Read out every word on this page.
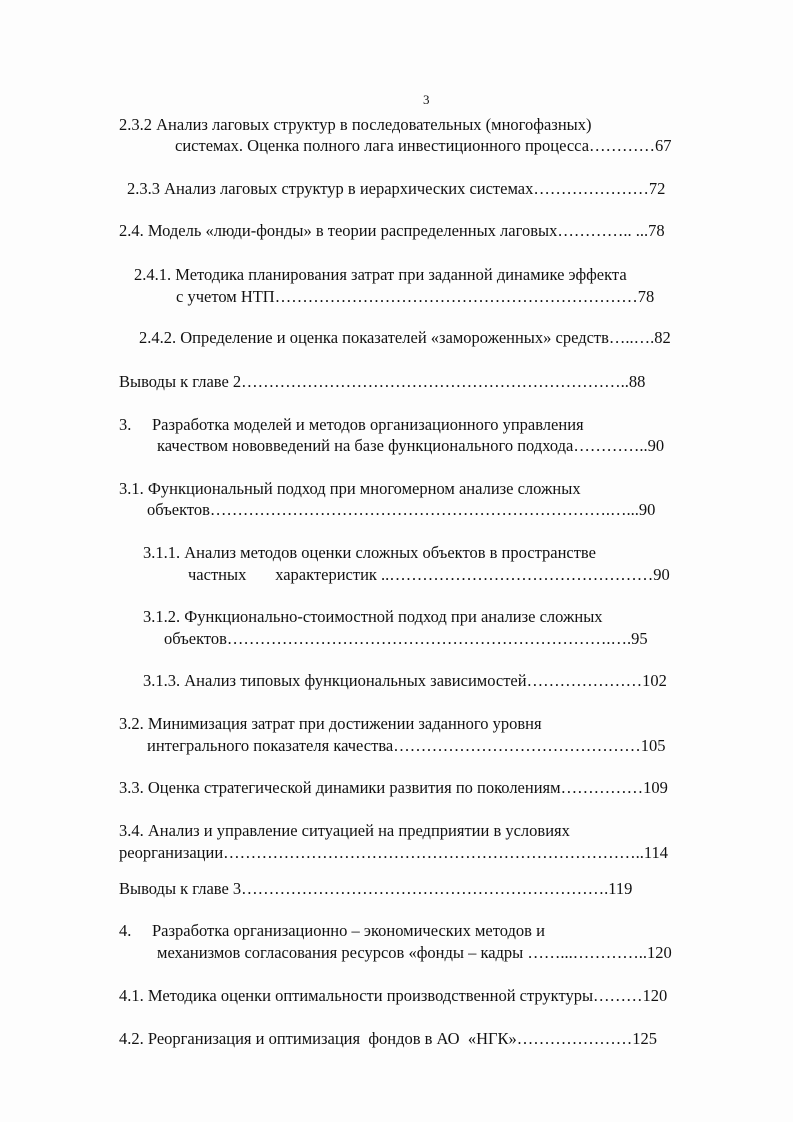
3
2.3.2 Анализ лаговых структур в последовательных (многофазных)
системах. Оценка полного лага инвестиционного процесса…………67
2.3.3 Анализ лаговых структур в иерархических системах…………………72
2.4. Модель «люди-фонды» в теории распределенных лаговых………….. ...78
2.4.1. Методика планирования затрат при заданной динамике эффекта
с учетом НТП…………………………………………………………78
2.4.2. Определение и оценка показателей «замороженных» средств…..….82
Выводы к главе 2……………………………………………………………..88
3.     Разработка моделей и методов организационного управления
качеством нововведений на базе функционального подхода…………..90
3.1. Функциональный подход при многомерном анализе сложных
объектов……………………………………………………………….…...90
3.1.1. Анализ методов оценки сложных объектов в пространстве
частных       характеристик ..…………………………………………90
3.1.2. Функционально-стоимостной подход при анализе сложных
объектов…………………………………………………………….….95
3.1.3. Анализ типовых функциональных зависимостей…………………102
3.2. Минимизация затрат при достижении заданного уровня
интегрального показателя качества………………………………………105
3.3. Оценка стратегической динамики развития по поколениям……………109
3.4. Анализ и управление ситуацией на предприятии в условиях
реорганизации…………………………………………………………………..114
Выводы к главе 3………………………………………………………….119
4.     Разработка организационно – экономических методов и
механизмов согласования ресурсов «фонды – кадры ……...…………..120
4.1. Методика оценки оптимальности производственной структуры………120
4.2. Реорганизация и оптимизация  фондов в АО  «НГК»…………………125
